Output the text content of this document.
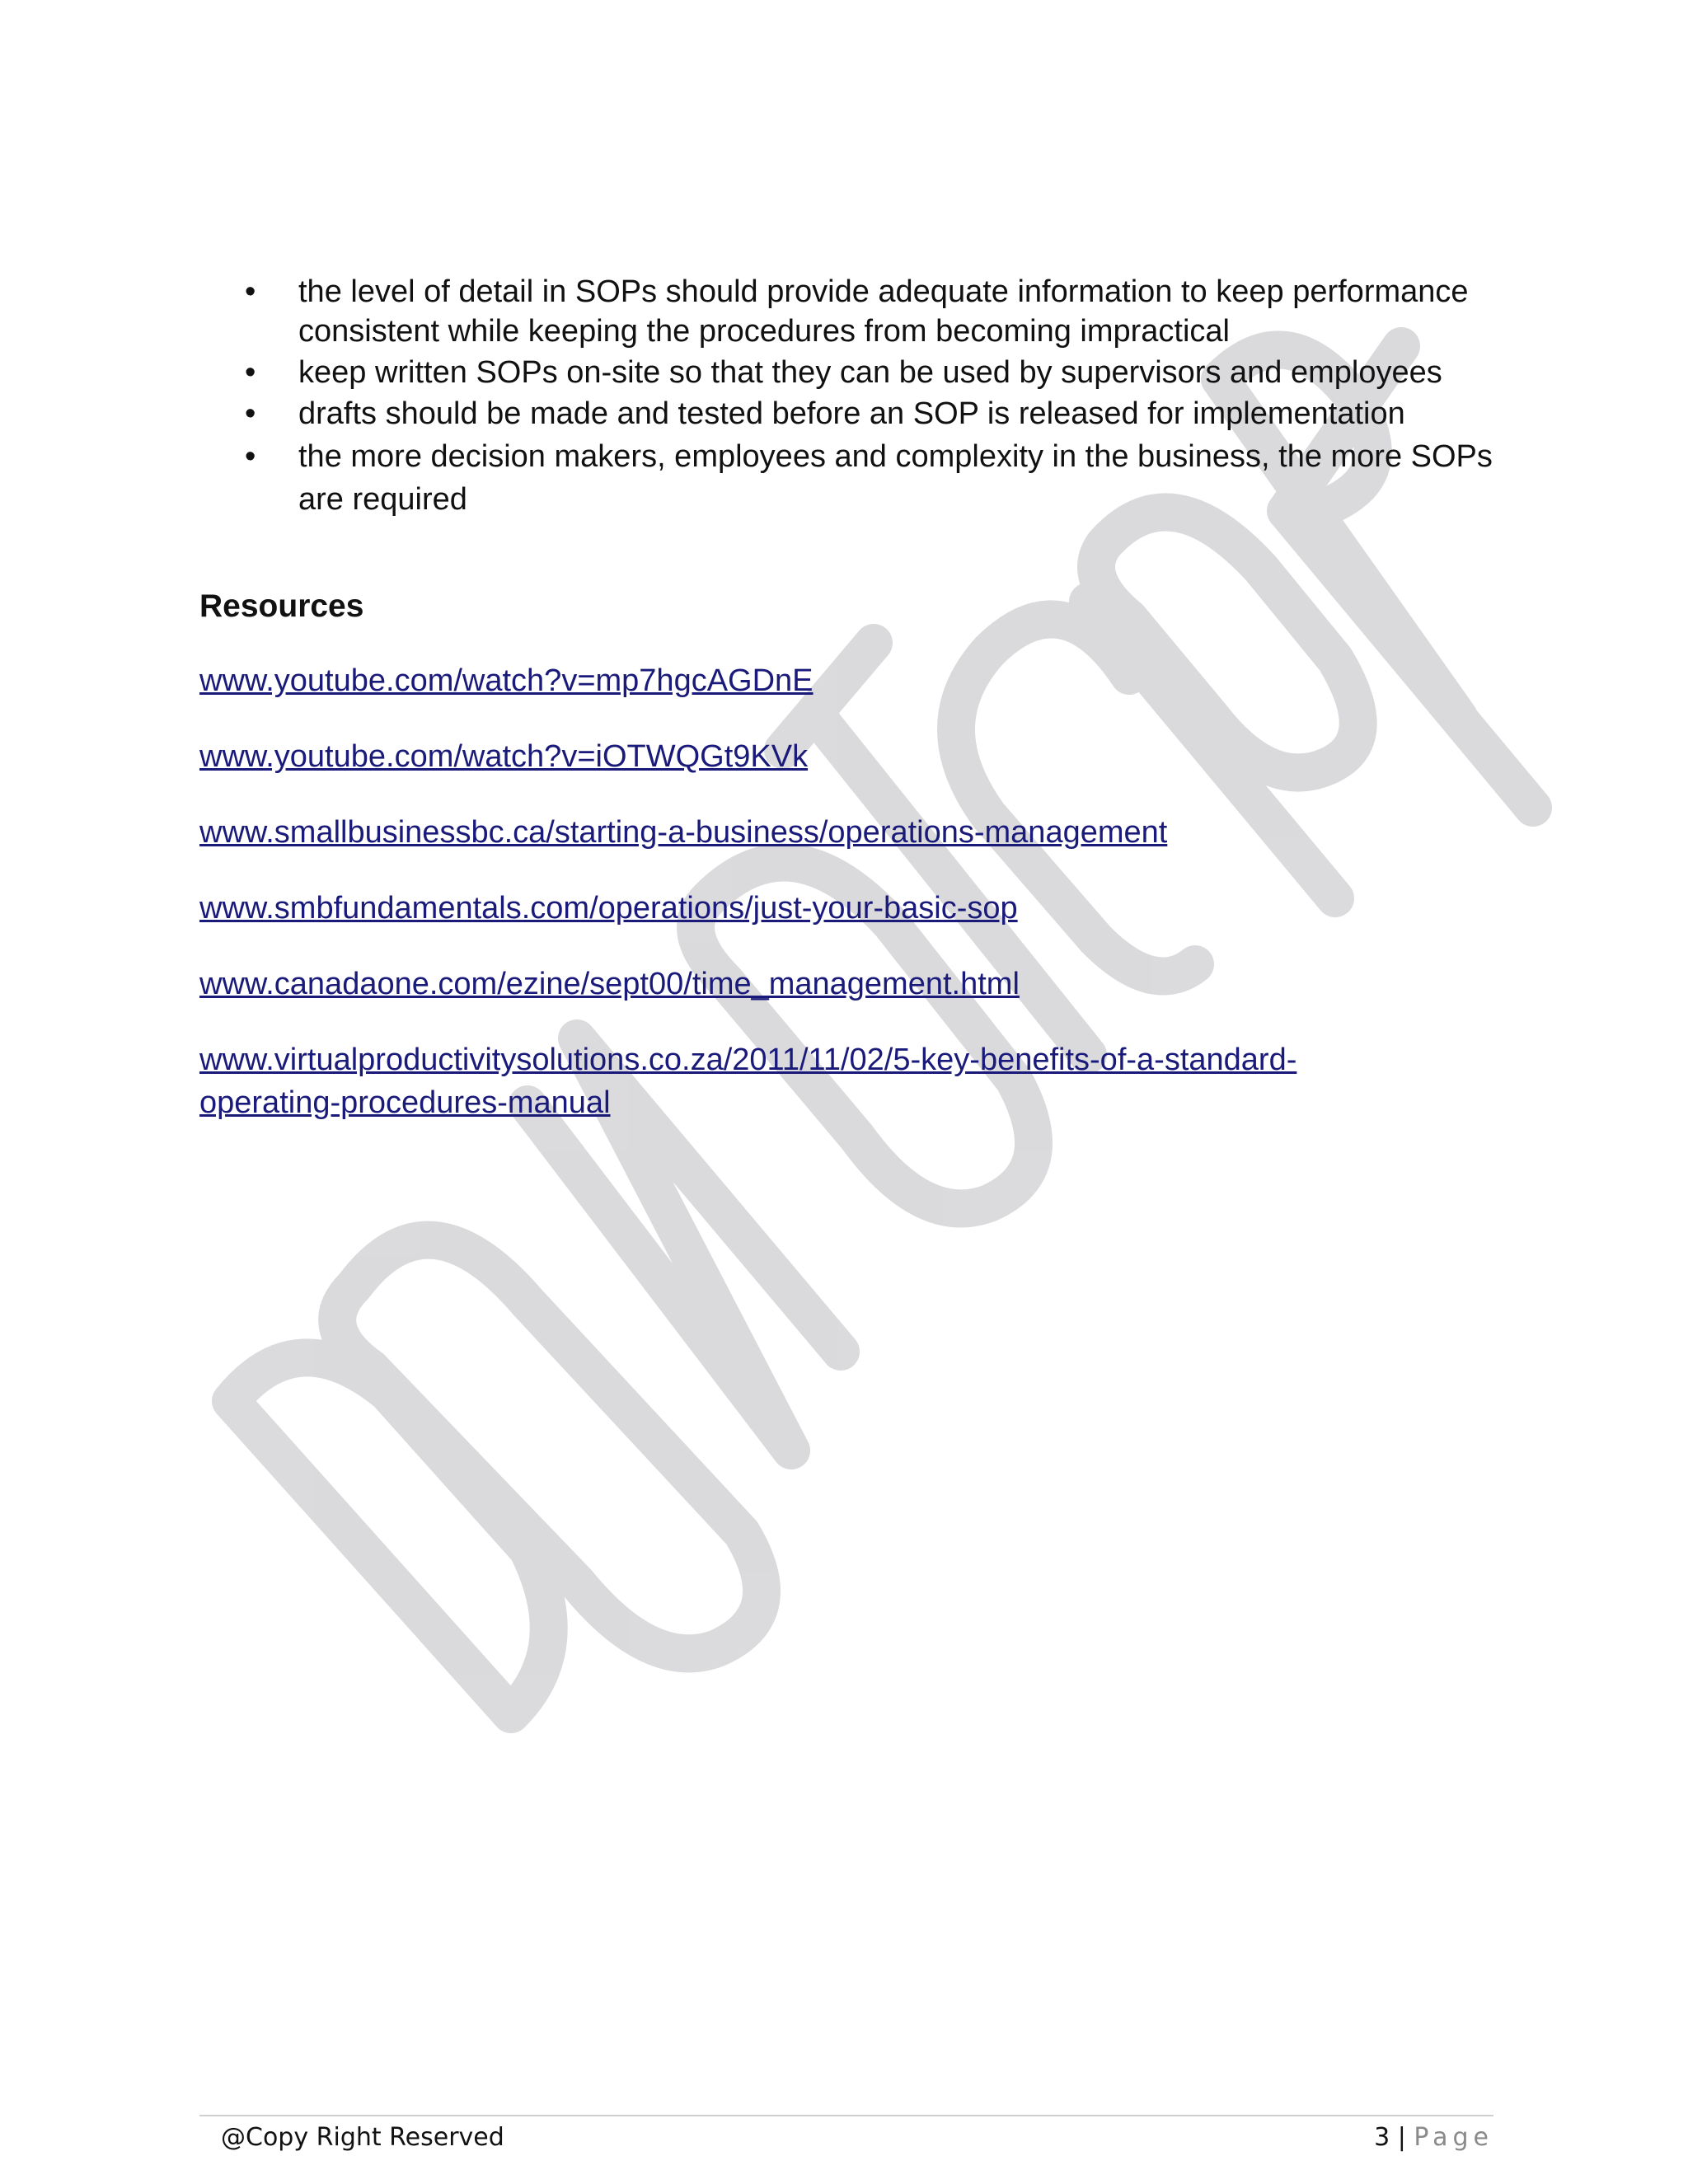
• the level of detail in SOPs should provide adequate information to keep performance consistent while keeping the procedures from becoming impractical
• keep written SOPs on-site so that they can be used by supervisors and employees
• drafts should be made and tested before an SOP is released for implementation
• the more decision makers, employees and complexity in the business, the more SOPs are required
Resources
www.youtube.com/watch?v=mp7hgcAGDnE
www.youtube.com/watch?v=iOTWQGt9KVk
www.smallbusinessbc.ca/starting-a-business/operations-management
www.smbfundamentals.com/operations/just-your-basic-sop
www.canadaone.com/ezine/sept00/time_management.html
www.virtualproductivitysolutions.co.za/2011/11/02/5-key-benefits-of-a-standard-operating-procedures-manual
@Copy Right Reserved	3 | Page
